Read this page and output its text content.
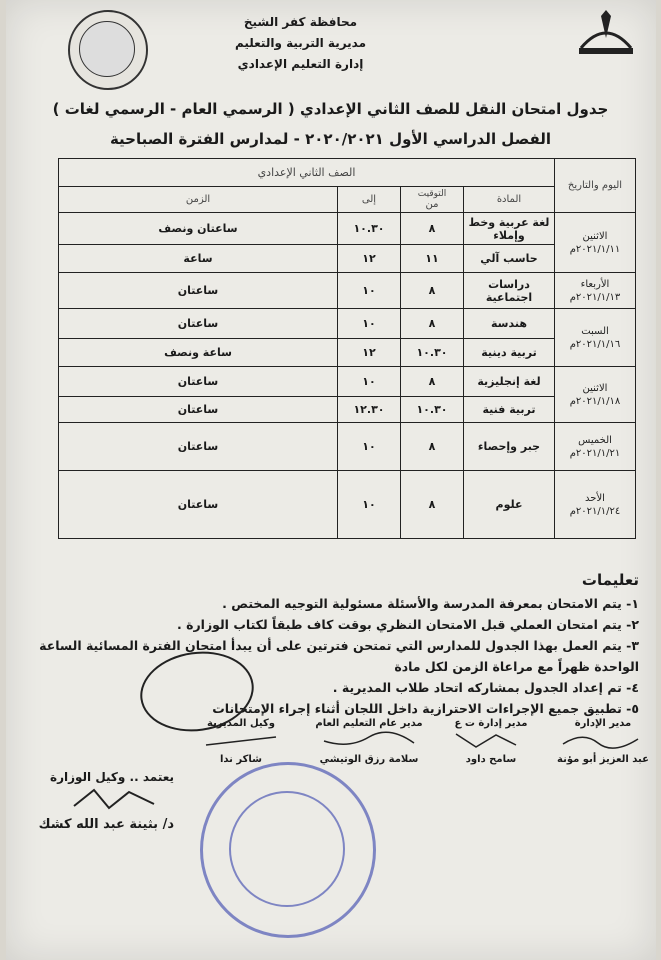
محافظة كفر الشيخ
مديرية التربية والتعليم
إدارة التعليم الإعدادي
جدول امتحان النقل للصف الثاني الإعدادي ( الرسمي العام - الرسمي لغات )
الفصل الدراسي الأول ٢٠٢٠/٢٠٢١ - لمدارس الفترة الصباحية
اليوم والتاريخ	الصف الثاني الإعدادي			
	المادة	التوقيت
من	إلى	الزمن

الاثنين
٢٠٢١/١/١١م	لغة عربية وخط وإملاء	٨	١٠.٣٠	ساعتان ونصف
	حاسب آلي	١١	١٢	ساعة

الأربعاء
٢٠٢١/١/١٣م	دراسات اجتماعية	٨	١٠	ساعتان

السبت
٢٠٢١/١/١٦م	هندسة	٨	١٠	ساعتان
	تربية دينية	١٠.٣٠	١٢	ساعة ونصف

الاثنين
٢٠٢١/١/١٨م	لغة إنجليزية	٨	١٠	ساعتان
	تربية فنية	١٠.٣٠	١٢.٣٠	ساعتان

الخميس
٢٠٢١/١/٢١م	جبر وإحصاء	٨	١٠	ساعتان

الأحد
٢٠٢١/١/٢٤م	علوم	٨	١٠	ساعتان
تعليمات
١- يتم الامتحان بمعرفة المدرسة والأسئلة مسئولية التوجيه المختص .
٢- يتم امتحان العملي قبل الامتحان النظري بوقت كاف طبقاً لكتاب الوزارة .
٣- يتم العمل بهذا الجدول للمدارس التي تمتحن فترتين على أن يبدأ امتحان الفترة المسائية الساعة الواحدة ظهراً مع مراعاة الزمن لكل مادة
٤- تم إعداد الجدول بمشاركه اتحاد طلاب المديرية .
٥- تطبيق جميع الإجراءات الاحترازية داخل اللجان أثناء إجراء الإمتحانات
مدير الإدارة
عبد العزيز أبو مؤنة
مدير إدارة ت ع
سامح داود
مدير عام التعليم العام
سلامة رزق الوتيشي
وكيل المديرية
شاكر ندا
يعتمد .. وكيل الوزارة
د/ بثينة عبد الله كشك
